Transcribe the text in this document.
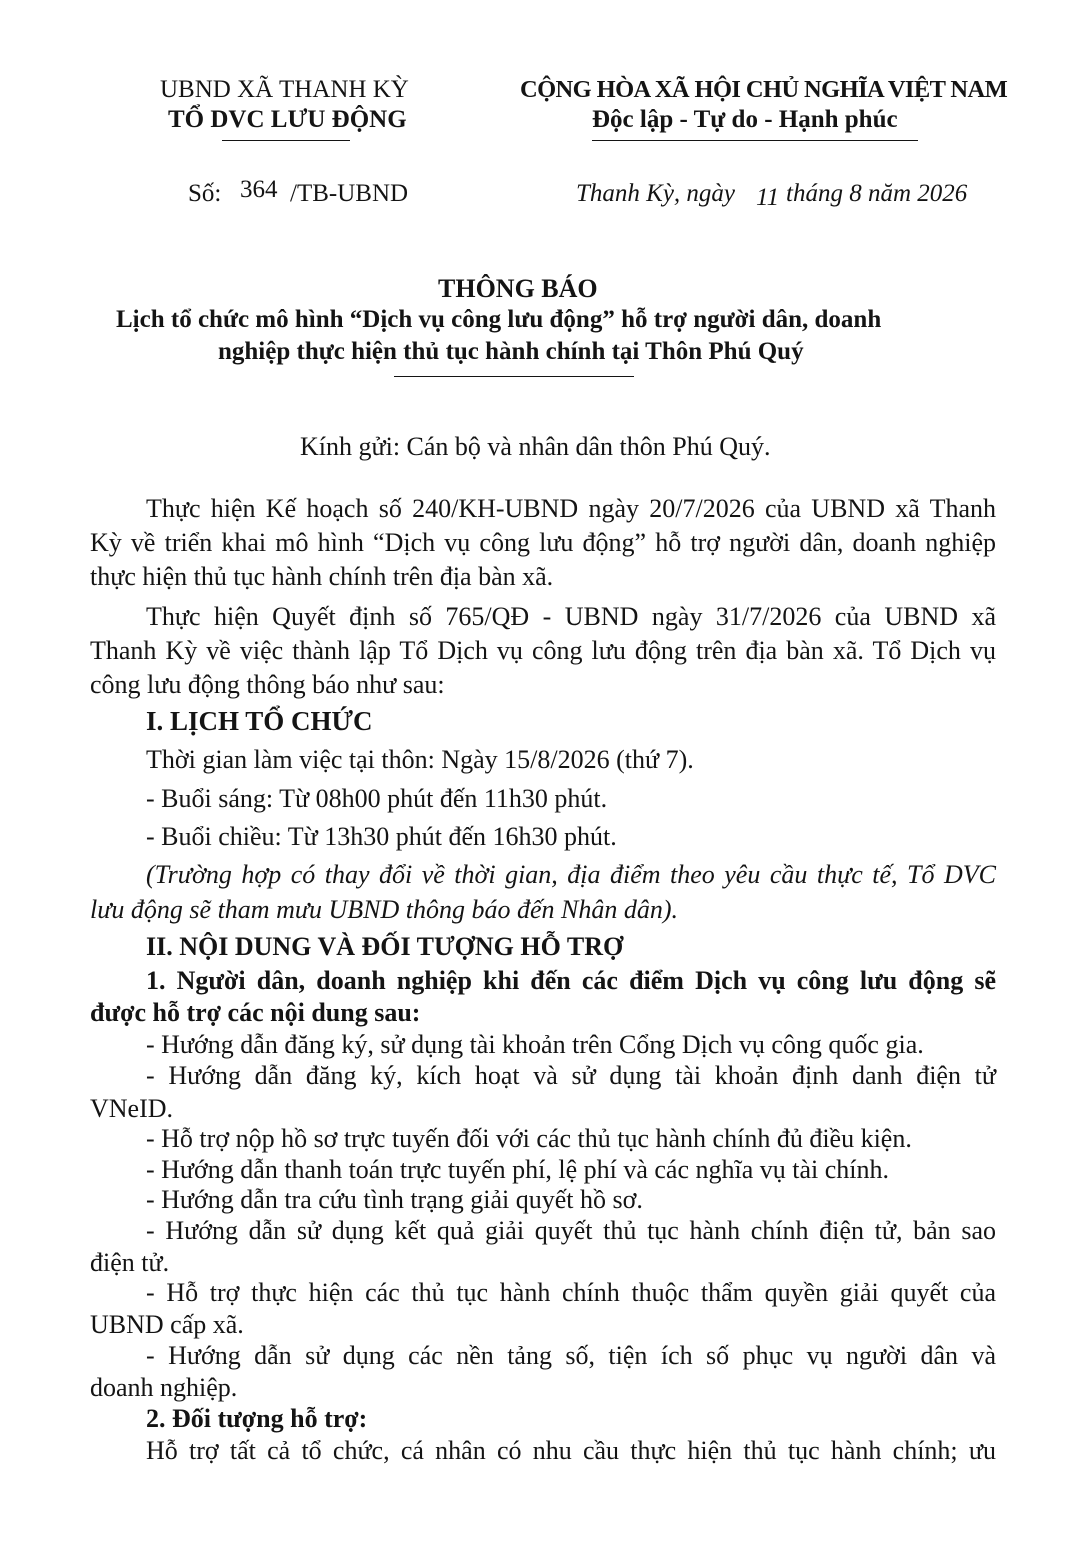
UBND XÃ THANH KỲ
TỔ DVC LƯU ĐỘNG
CỘNG HÒA XÃ HỘI CHỦ NGHĨA VIỆT NAM
Độc lập - Tự do - Hạnh phúc
Số: 364 /TB-UBND	Thanh Kỳ, ngày 11 tháng 8 năm 2026
THÔNG BÁO
Lịch tổ chức mô hình “Dịch vụ công lưu động” hỗ trợ người dân, doanh
nghiệp thực hiện thủ tục hành chính tại Thôn Phú Quý
Kính gửi: Cán bộ và nhân dân thôn Phú Quý.
Thực hiện Kế hoạch số 240/KH-UBND ngày 20/7/2026 của UBND xã Thanh
Kỳ về triển khai mô hình “Dịch vụ công lưu động” hỗ trợ người dân, doanh nghiệp
thực hiện thủ tục hành chính trên địa bàn xã.
Thực hiện Quyết định số 765/QĐ - UBND ngày 31/7/2026 của UBND xã
Thanh Kỳ về việc thành lập Tổ Dịch vụ công lưu động trên địa bàn xã. Tổ Dịch vụ
công lưu động thông báo như sau:
I. LỊCH TỔ CHỨC
Thời gian làm việc tại thôn: Ngày 15/8/2026 (thứ 7).
- Buổi sáng: Từ 08h00 phút đến 11h30 phút.
- Buổi chiều: Từ 13h30 phút đến 16h30 phút.
(Trường hợp có thay đổi về thời gian, địa điểm theo yêu cầu thực tế, Tổ DVC
lưu động sẽ tham mưu UBND thông báo đến Nhân dân).
II. NỘI DUNG VÀ ĐỐI TƯỢNG HỖ TRỢ
1. Người dân, doanh nghiệp khi đến các điểm Dịch vụ công lưu động sẽ
được hỗ trợ các nội dung sau:
- Hướng dẫn đăng ký, sử dụng tài khoản trên Cổng Dịch vụ công quốc gia.
- Hướng dẫn đăng ký, kích hoạt và sử dụng tài khoản định danh điện tử
VNeID.
- Hỗ trợ nộp hồ sơ trực tuyến đối với các thủ tục hành chính đủ điều kiện.
- Hướng dẫn thanh toán trực tuyến phí, lệ phí và các nghĩa vụ tài chính.
- Hướng dẫn tra cứu tình trạng giải quyết hồ sơ.
- Hướng dẫn sử dụng kết quả giải quyết thủ tục hành chính điện tử, bản sao
điện tử.
- Hỗ trợ thực hiện các thủ tục hành chính thuộc thẩm quyền giải quyết của
UBND cấp xã.
- Hướng dẫn sử dụng các nền tảng số, tiện ích số phục vụ người dân và
doanh nghiệp.
2. Đối tượng hỗ trợ:
Hỗ trợ tất cả tổ chức, cá nhân có nhu cầu thực hiện thủ tục hành chính; ưu
